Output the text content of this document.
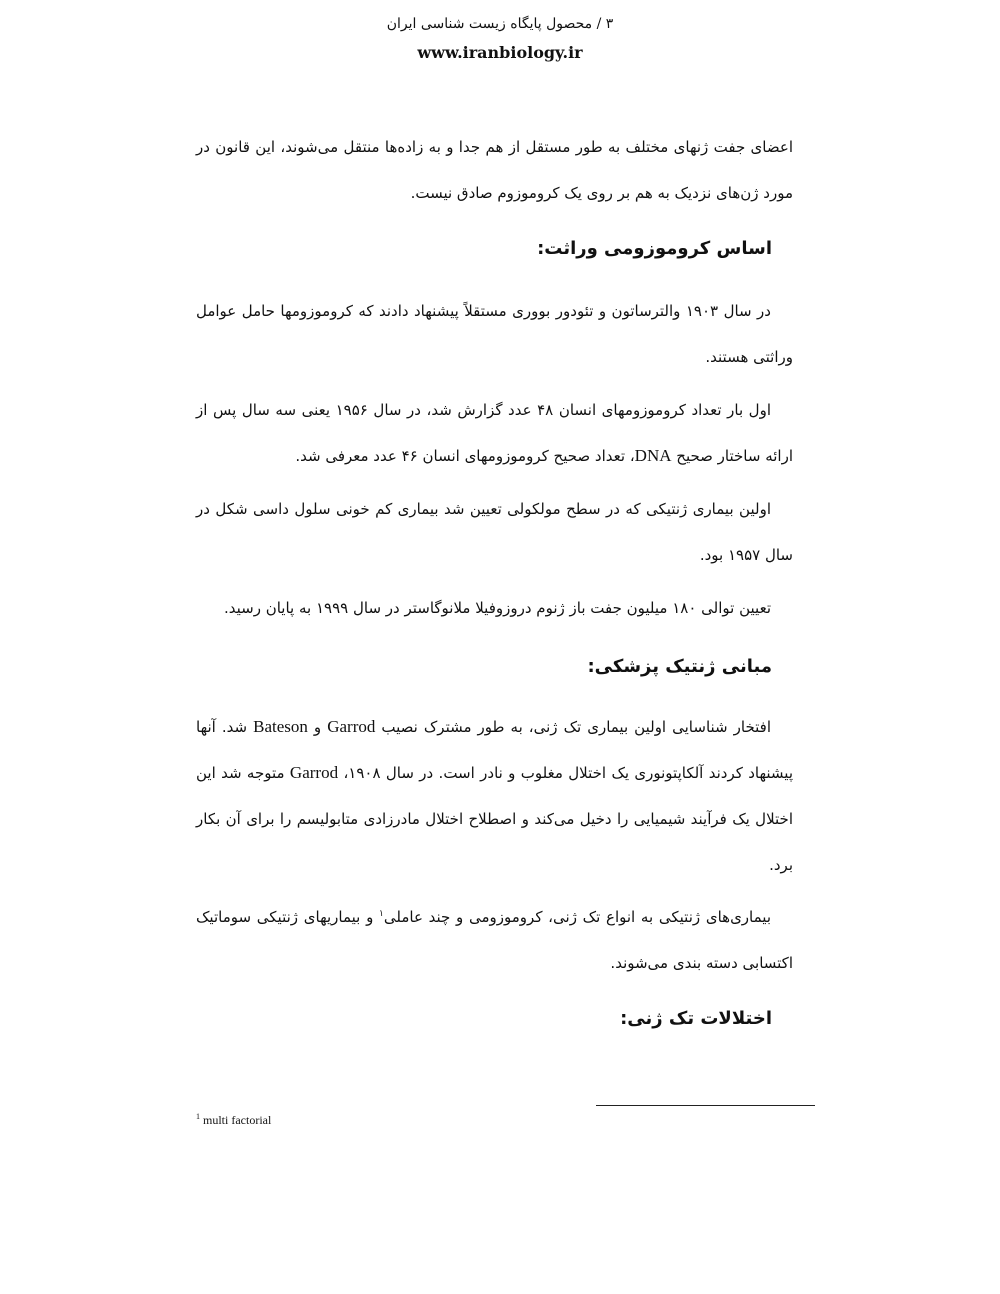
۳ / محصول پایگاه زیست شناسی ایران
www.iranbiology.ir

اعضای جفت ژنهای مختلف به طور مستقل از هم جدا و به زاده‌ها منتقل می‌شوند، این قانون در مورد ژن‌های نزدیک به هم بر روی یک کروموزوم صادق نیست.

اساس کروموزومی وراثت:

در سال ۱۹۰۳ والترساتون و تئودور بووری مستقلاً پیشنهاد دادند که کروموزومها حامل عوامل وراثتی هستند.

اول بار تعداد کروموزومهای انسان ۴۸ عدد گزارش شد، در سال ۱۹۵۶ یعنی سه سال پس از ارائه ساختار صحیح DNA، تعداد صحیح کروموزومهای انسان ۴۶ عدد معرفی شد.

اولین بیماری ژنتیکی که در سطح مولکولی تعیین شد بیماری کم خونی سلول داسی شکل در سال ۱۹۵۷ بود.

تعیین توالی ۱۸۰ میلیون جفت باز ژنوم دروزوفیلا ملانوگاستر در سال ۱۹۹۹ به پایان رسید.

مبانی ژنتیک پزشکی:

افتخار شناسایی اولین بیماری تک ژنی، به طور مشترک نصیب Garrod و Bateson شد. آنها پیشنهاد کردند آلکاپتونوری یک اختلال مغلوب و نادر است. در سال ۱۹۰۸، Garrod متوجه شد این اختلال یک فرآیند شیمیایی را دخیل می‌کند و اصطلاح اختلال مادرزادی متابولیسم را برای آن بکار برد.

بیماری‌های ژنتیکی به انواع تک ژنی، کروموزومی و چند عاملی$^۱$ و بیماریهای ژنتیکی سوماتیک اکتسابی دسته بندی می‌شوند.

اختلالات تک ژنی:
$^1$ multi factorial
